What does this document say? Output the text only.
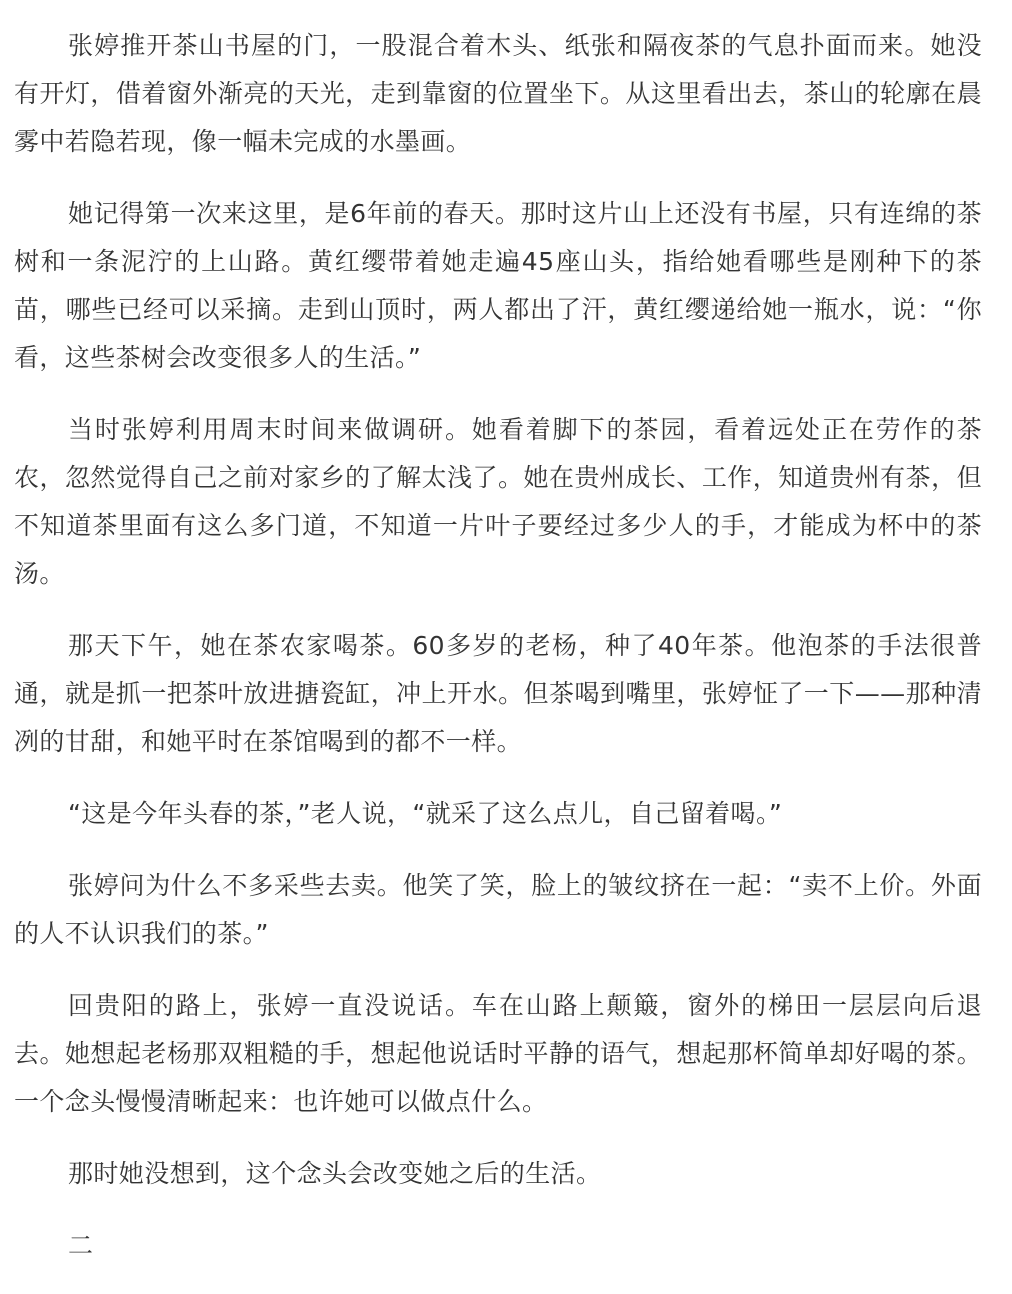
张婷推开茶山书屋的门，一股混合着木头、纸张和隔夜茶的气息扑面而来。她没有开灯，借着窗外渐亮的天光，走到靠窗的位置坐下。从这里看出去，茶山的轮廓在晨雾中若隐若现，像一幅未完成的水墨画。

她记得第一次来这里，是6年前的春天。那时这片山上还没有书屋，只有连绵的茶树和一条泥泞的上山路。黄红缨带着她走遍45座山头，指给她看哪些是刚种下的茶苗，哪些已经可以采摘。走到山顶时，两人都出了汗，黄红缨递给她一瓶水，说：“你看，这些茶树会改变很多人的生活。”

当时张婷利用周末时间来做调研。她看着脚下的茶园，看着远处正在劳作的茶农，忽然觉得自己之前对家乡的了解太浅了。她在贵州成长、工作，知道贵州有茶，但不知道茶里面有这么多门道，不知道一片叶子要经过多少人的手，才能成为杯中的茶汤。

那天下午，她在茶农家喝茶。60多岁的老杨，种了40年茶。他泡茶的手法很普通，就是抓一把茶叶放进搪瓷缸，冲上开水。但茶喝到嘴里，张婷怔了一下——那种清冽的甘甜，和她平时在茶馆喝到的都不一样。

“这是今年头春的茶，”老人说，“就采了这么点儿，自己留着喝。”

张婷问为什么不多采些去卖。他笑了笑，脸上的皱纹挤在一起：“卖不上价。外面的人不认识我们的茶。”

回贵阳的路上，张婷一直没说话。车在山路上颠簸，窗外的梯田一层层向后退去。她想起老杨那双粗糙的手，想起他说话时平静的语气，想起那杯简单却好喝的茶。一个念头慢慢清晰起来：也许她可以做点什么。

那时她没想到，这个念头会改变她之后的生活。

二
